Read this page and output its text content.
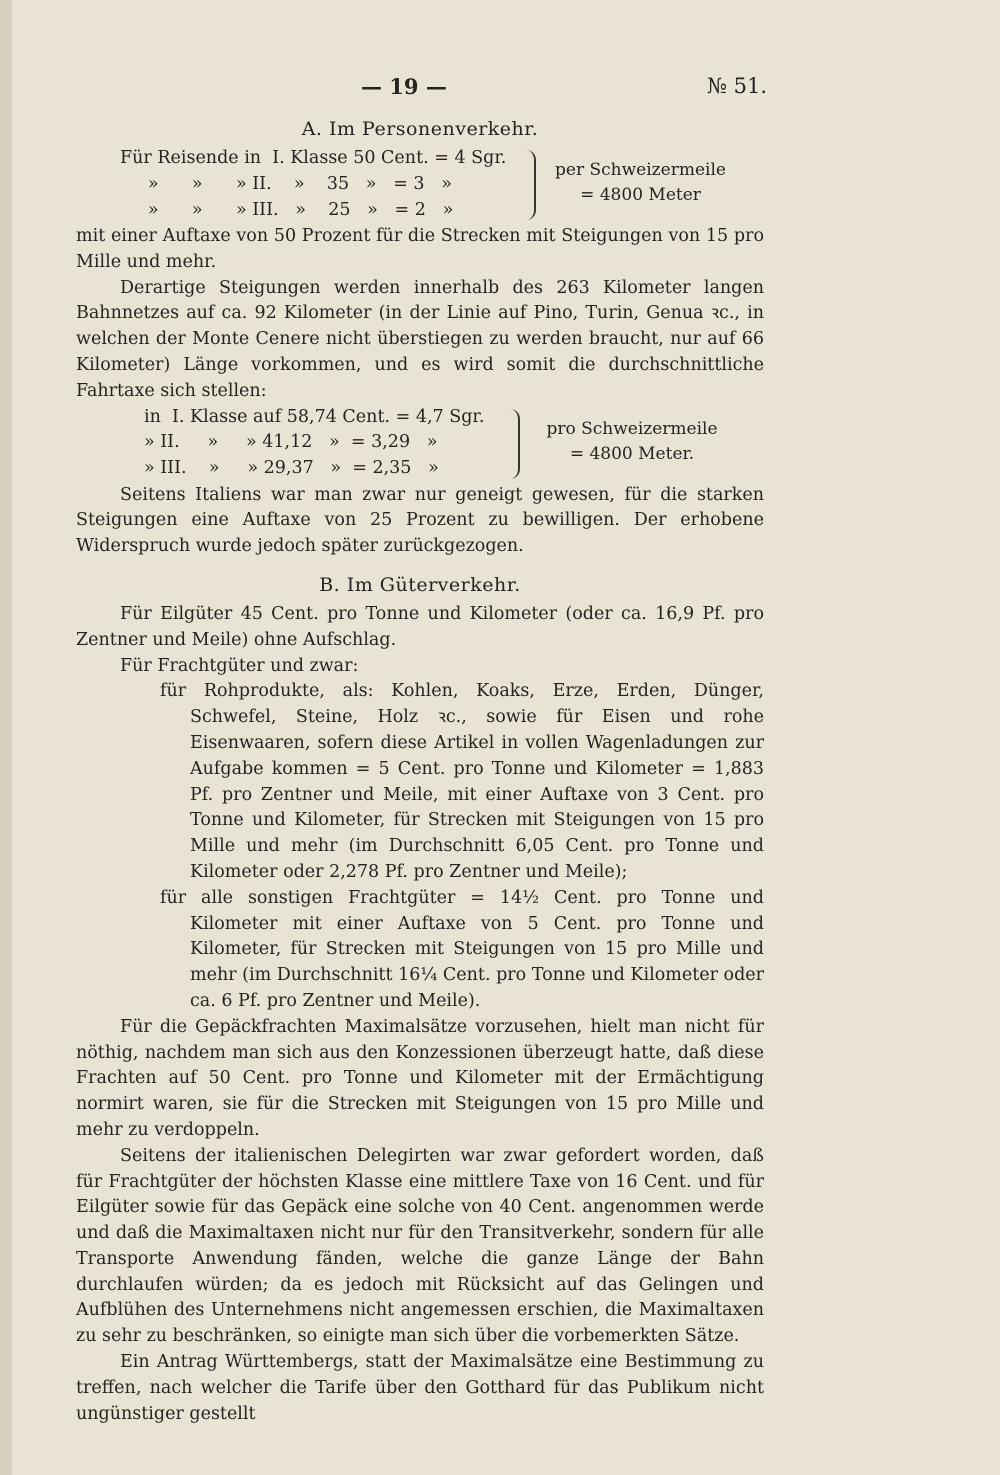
— 19 —	№ 51.
A. Im Personenverkehr.
Für Reisende in  I. Klasse 50 Cent. = 4 Sgr.
»      »      » II.    »    35   »   = 3   »
»      »      » III.   »    25   »   = 2   »
per Schweizermeile
= 4800 Meter

mit einer Auftaxe von 50 Prozent für die Strecken mit Steigungen von 15 pro Mille und mehr.

Derartige Steigungen werden innerhalb des 263 Kilometer langen Bahnnetzes auf ca. 92 Kilometer (in der Linie auf Pino, Turin, Genua ꝛc., in welchen der Monte Cenere nicht überstiegen zu werden braucht, nur auf 66 Kilometer) Länge vorkommen, und es wird somit die durchschnittliche Fahrtaxe sich stellen:

in  I. Klasse auf 58,74 Cent. = 4,7 Sgr.
» II.     »     » 41,12   »  = 3,29   »
» III.    »     » 29,37   »  = 2,35   »
pro Schweizermeile
= 4800 Meter.

Seitens Italiens war man zwar nur geneigt gewesen, für die starken Steigungen eine Auftaxe von 25 Prozent zu bewilligen. Der erhobene Widerspruch wurde jedoch später zurückgezogen.

B. Im Güterverkehr.

Für Eilgüter 45 Cent. pro Tonne und Kilometer (oder ca. 16,9 Pf. pro Zentner und Meile) ohne Aufschlag.

Für Frachtgüter und zwar:

für Rohprodukte, als: Kohlen, Koaks, Erze, Erden, Dünger, Schwefel, Steine, Holz ꝛc., sowie für Eisen und rohe Eisenwaaren, sofern diese Artikel in vollen Wagenladungen zur Aufgabe kommen = 5 Cent. pro Tonne und Kilometer = 1,883 Pf. pro Zentner und Meile, mit einer Auftaxe von 3 Cent. pro Tonne und Kilometer, für Strecken mit Steigungen von 15 pro Mille und mehr (im Durchschnitt 6,05 Cent. pro Tonne und Kilometer oder 2,278 Pf. pro Zentner und Meile);

für alle sonstigen Frachtgüter = 14½ Cent. pro Tonne und Kilometer mit einer Auftaxe von 5 Cent. pro Tonne und Kilometer, für Strecken mit Steigungen von 15 pro Mille und mehr (im Durchschnitt 16¼ Cent. pro Tonne und Kilometer oder ca. 6 Pf. pro Zentner und Meile).

Für die Gepäckfrachten Maximalsätze vorzusehen, hielt man nicht für nöthig, nachdem man sich aus den Konzessionen überzeugt hatte, daß diese Frachten auf 50 Cent. pro Tonne und Kilometer mit der Ermächtigung normirt waren, sie für die Strecken mit Steigungen von 15 pro Mille und mehr zu verdoppeln.

Seitens der italienischen Delegirten war zwar gefordert worden, daß für Frachtgüter der höchsten Klasse eine mittlere Taxe von 16 Cent. und für Eilgüter sowie für das Gepäck eine solche von 40 Cent. angenommen werde und daß die Maximaltaxen nicht nur für den Transitverkehr, sondern für alle Transporte Anwendung fänden, welche die ganze Länge der Bahn durchlaufen würden; da es jedoch mit Rücksicht auf das Gelingen und Aufblühen des Unternehmens nicht angemessen erschien, die Maximaltaxen zu sehr zu beschränken, so einigte man sich über die vorbemerkten Sätze.

Ein Antrag Württembergs, statt der Maximalsätze eine Bestimmung zu treffen, nach welcher die Tarife über den Gotthard für das Publikum nicht ungünstiger gestellt
